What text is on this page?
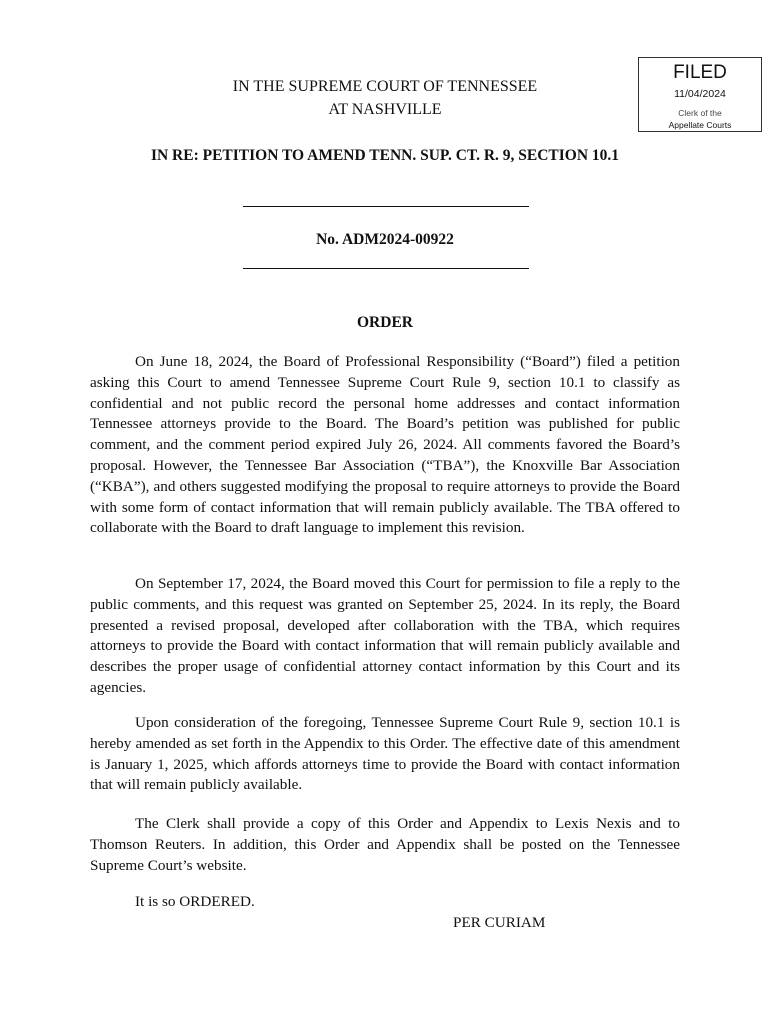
FILED
11/04/2024
Clerk of the
Appellate Courts

IN THE SUPREME COURT OF TENNESSEE

AT NASHVILLE

IN RE: PETITION TO AMEND TENN. SUP. CT. R. 9, SECTION 10.1

No. ADM2024-00922

ORDER

On June 18, 2024, the Board of Professional Responsibility (“Board”) filed a petition asking this Court to amend Tennessee Supreme Court Rule 9, section 10.1 to classify as confidential and not public record the personal home addresses and contact information Tennessee attorneys provide to the Board. The Board’s petition was published for public comment, and the comment period expired July 26, 2024. All comments favored the Board’s proposal. However, the Tennessee Bar Association (“TBA”), the Knoxville Bar Association (“KBA”), and others suggested modifying the proposal to require attorneys to provide the Board with some form of contact information that will remain publicly available. The TBA offered to collaborate with the Board to draft language to implement this revision.

On September 17, 2024, the Board moved this Court for permission to file a reply to the public comments, and this request was granted on September 25, 2024. In its reply, the Board presented a revised proposal, developed after collaboration with the TBA, which requires attorneys to provide the Board with contact information that will remain publicly available and describes the proper usage of confidential attorney contact information by this Court and its agencies.

Upon consideration of the foregoing, Tennessee Supreme Court Rule 9, section 10.1 is hereby amended as set forth in the Appendix to this Order. The effective date of this amendment is January 1, 2025, which affords attorneys time to provide the Board with contact information that will remain publicly available.

The Clerk shall provide a copy of this Order and Appendix to Lexis Nexis and to Thomson Reuters. In addition, this Order and Appendix shall be posted on the Tennessee Supreme Court’s website.

It is so ORDERED.

PER CURIAM
